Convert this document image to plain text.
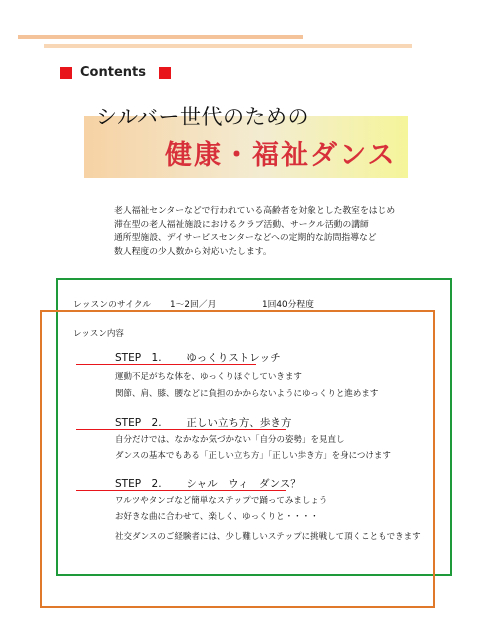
Contents
シルバー世代のための
健康・福祉ダンス
老人福祉センターなどで行われている高齢者を対象とした教室をはじめ
滞在型の老人福祉施設におけるクラブ活動、サークル活動の講師
通所型施設、デイサービスセンターなどへの定期的な訪問指導など
数人程度の少人数から対応いたします。
レッスンのサイクル 1〜2回／月	1回40分程度
レッスン内容
STEP　1. ゆっくりストレッチ
運動不足がちな体を、ゆっくりほぐしていきます
関節、肩、膝、腰などに負担のかからないようにゆっくりと進めます
STEP　2. 正しい立ち方、歩き方
自分だけでは、なかなか気づかない「自分の姿勢」を見直し
ダンスの基本でもある「正しい立ち方」「正しい歩き方」を身につけます
STEP　2. シャル　ウィ　ダンス？
ワルツやタンゴなど簡単なステップで踊ってみましょう
お好きな曲に合わせて、楽しく、ゆっくりと・・・・
社交ダンスのご経験者には、少し難しいステップに挑戦して頂くこともできます
